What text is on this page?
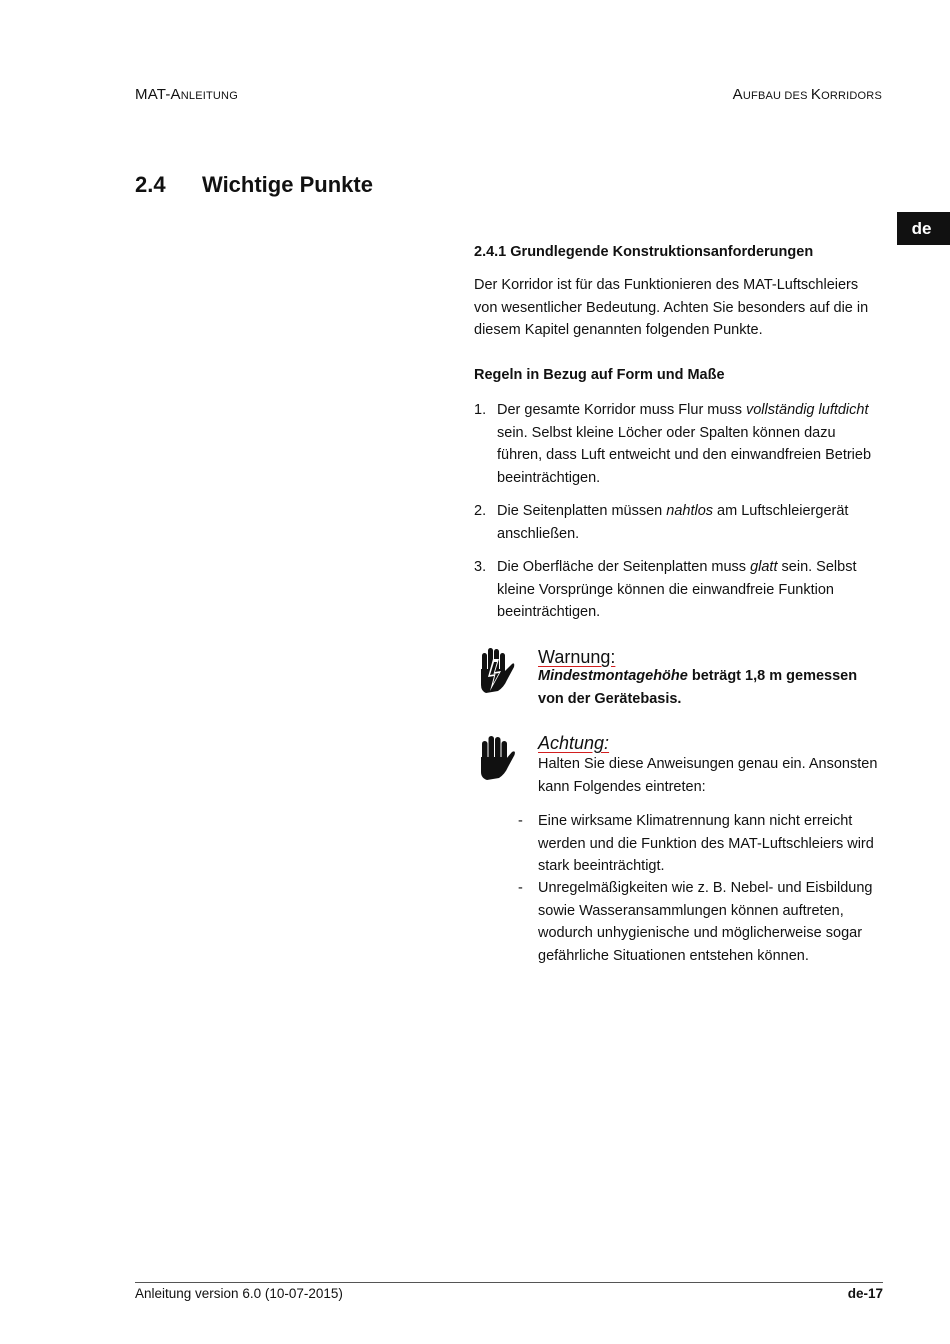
MAT-ANLEITUNG	AUFBAU DES KORRIDORS
de
2.4 Wichtige Punkte
2.4.1 Grundlegende Konstruktionsanforderungen
Der Korridor ist für das Funktionieren des MAT-Luftschleiers von wesentlicher Bedeutung. Achten Sie besonders auf die in diesem Kapitel genannten folgenden Punkte.
Regeln in Bezug auf Form und Maße
1. Der gesamte Korridor muss Flur muss vollständig luftdicht sein. Selbst kleine Löcher oder Spalten können dazu führen, dass Luft entweicht und den einwandfreien Betrieb beeinträchtigen.
2. Die Seitenplatten müssen nahtlos am Luftschleiergerät anschließen.
3. Die Oberfläche der Seitenplatten muss glatt sein. Selbst kleine Vorsprünge können die einwandfreie Funktion beeinträchtigen.
Warnung:
Mindestmontagehöhe beträgt 1,8 m gemessen von der Gerätebasis.
Achtung:
Halten Sie diese Anweisungen genau ein. Ansonsten kann Folgendes eintreten:
- Eine wirksame Klimatrennung kann nicht erreicht werden und die Funktion des MAT-Luftschleiers wird stark beeinträchtigt.
- Unregelmäßigkeiten wie z. B. Nebel- und Eisbildung sowie Wasseransammlungen können auftreten, wodurch unhygienische und möglicherweise sogar gefährliche Situationen entstehen können.
Anleitung version 6.0 (10-07-2015)	de-17
